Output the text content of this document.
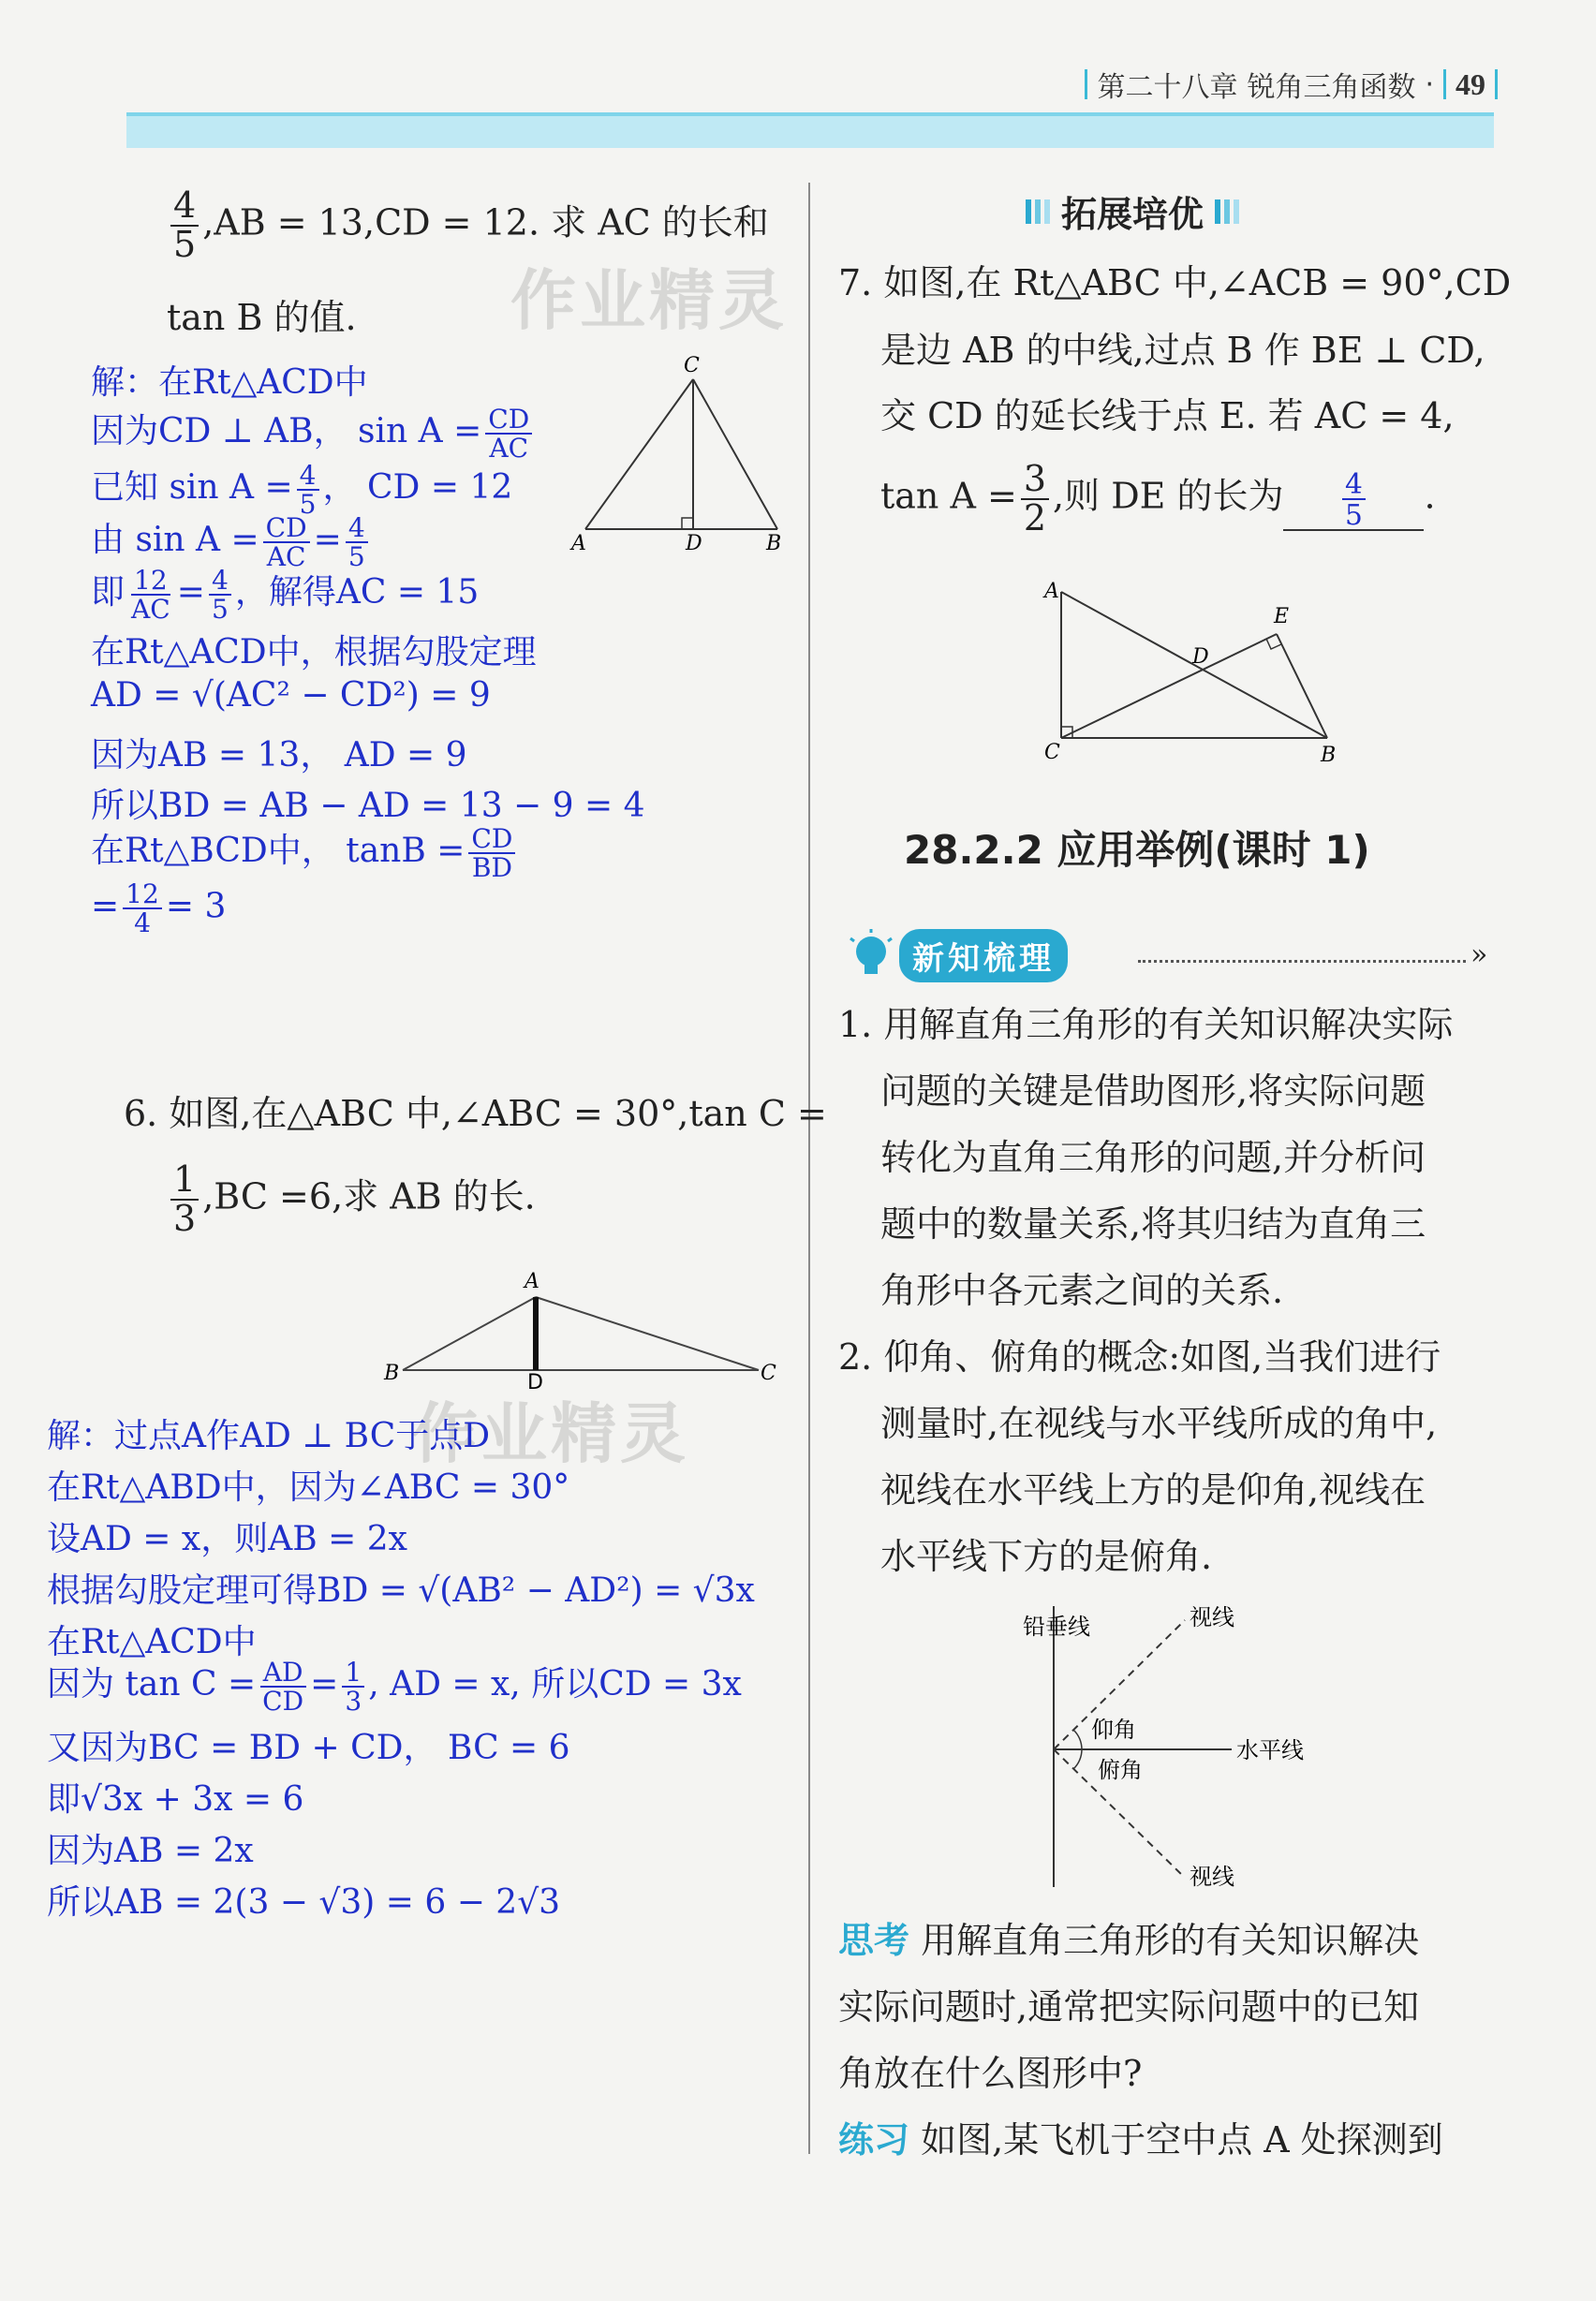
第二十八章 锐角三角函数 · 49
作业精灵
作业精灵
$\frac{4}{5} ,AB = 13,CD = 12$. 求 AC 的长和
tan B 的值.
解：在Rt△ACD中
因为CD ⊥ AB， $\sin A = \frac{CD}{AC}$
已知 $\sin A = \frac{4}{5}$ ， CD = 12
由 $\sin A = \frac{CD}{AC} = \frac{4}{5}$
即 $\frac{12}{AC} = \frac{4}{5}$ ，解得AC = 15
在Rt△ACD中，根据勾股定理
AD = √(AC² − CD²) = 9
因为AB = 13， AD = 9
所以BD = AB − AD = 13 − 9 = 4
在Rt△BCD中， $\tan B = \frac{CD}{BD}$
= $\frac{12}{4} = 3$
C
A	D	B
6. 如图,在△ABC 中,∠ABC = 30°,tan C =
$\frac{1}{3} ,BC =6$,求 AB 的长.
A
B	C
D
解：过点A作AD ⊥ BC于点D
在Rt△ABD中，因为∠ABC = 30°
设AD = x，则AB = 2x
根据勾股定理可得BD = √(AB² − AD²) = √3x
在Rt△ACD中
因为 $\tan C = \frac{AD}{CD} = \frac{1}{3}$ , AD = x, 所以CD = 3x
又因为BC = BD + CD， BC = 6
即√3x + 3x = 6
因为AB = 2x
所以AB = 2(3 − √3) = 6 − 2√3
拓展培优
7. 如图,在 Rt△ABC 中,∠ACB = 90°,CD
是边 AB 的中线,过点 B 作 BE ⊥ CD,
交 CD 的延长线于点 E. 若 AC = 4,
$\tan A = \frac{3}{2}$ ,则 DE 的长为 $\frac{4}{5}$ .
A
E
D
C	B
28.2.2 应用举例(课时 1)
新知梳理	»
1. 用解直角三角形的有关知识解决实际
问题的关键是借助图形,将实际问题
转化为直角三角形的问题,并分析问
题中的数量关系,将其归结为直角三
角形中各元素之间的关系.
2. 仰角、俯角的概念:如图,当我们进行
测量时,在视线与水平线所成的角中,
视线在水平线上方的是仰角,视线在
水平线下方的是俯角.
铅垂线	视线
水平线
仰角
俯角
视线
思考 用解直角三角形的有关知识解决
实际问题时,通常把实际问题中的已知
角放在什么图形中?
练习 如图,某飞机于空中点 A 处探测到
